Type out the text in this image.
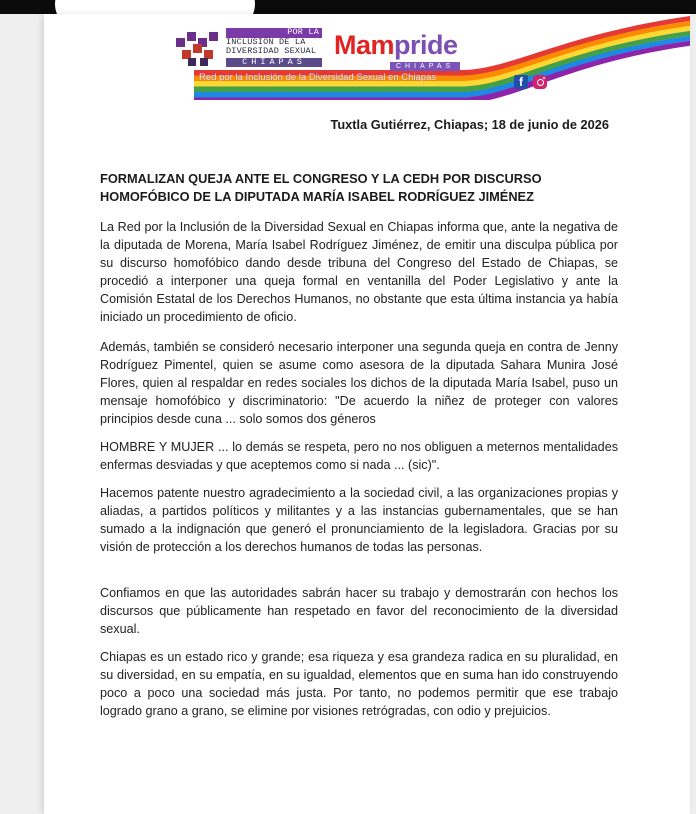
POR LA
INCLUSIÓN DE LA
DIVERSIDAD SEXUAL
CHIAPAS
Mampride
CHIAPAS
Red por la Inclusión de la Diversidad Sexual en Chiapas	f
Tuxtla Gutiérrez, Chiapas; 18 de junio de 2026
FORMALIZAN QUEJA ANTE EL CONGRESO Y LA CEDH POR DISCURSO HOMOFÓBICO DE LA DIPUTADA MARÍA ISABEL RODRÍGUEZ JIMÉNEZ
La Red por la Inclusión de la Diversidad Sexual en Chiapas informa que, ante la negativa de la diputada de Morena, María Isabel Rodríguez Jiménez, de emitir una disculpa pública por su discurso homofóbico dando desde tribuna del Congreso del Estado de Chiapas, se procedió a interponer una queja formal en ventanilla del Poder Legislativo y ante la Comisión Estatal de los Derechos Humanos, no obstante que esta última instancia ya había iniciado un procedimiento de oficio.
Además, también se consideró necesario interponer una segunda queja en contra de Jenny Rodríguez Pimentel, quien se asume como asesora de la diputada Sahara Munira José Flores, quien al respaldar en redes sociales los dichos de la diputada María Isabel, puso un mensaje homofóbico y discriminatorio: "De acuerdo la niñez de proteger con valores principios desde cuna ... solo somos dos géneros
HOMBRE Y MUJER ... lo demás se respeta, pero no nos obliguen a meternos mentalidades enfermas desviadas y que aceptemos como si nada ... (sic)".
Hacemos patente nuestro agradecimiento a la sociedad civil, a las organizaciones propias y aliadas, a partidos políticos y militantes y a las instancias gubernamentales, que se han sumado a la indignación que generó el pronunciamiento de la legisladora. Gracias por su visión de protección a los derechos humanos de todas las personas.
Confiamos en que las autoridades sabrán hacer su trabajo y demostrarán con hechos los discursos que públicamente han respetado en favor del reconocimiento de la diversidad sexual.
Chiapas es un estado rico y grande; esa riqueza y esa grandeza radica en su pluralidad, en su diversidad, en su empatía, en su igualdad, elementos que en suma han ido construyendo poco a poco una sociedad más justa. Por tanto, no podemos permitir que ese trabajo logrado grano a grano, se elimine por visiones retrógradas, con odio y prejuicios.
